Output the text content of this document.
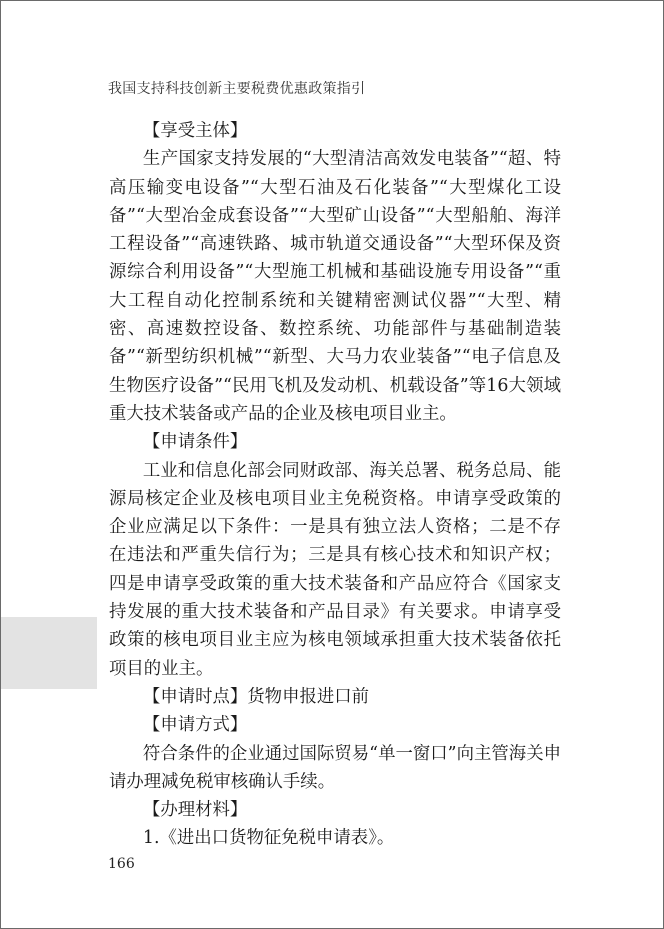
我国支持科技创新主要税费优惠政策指引

【享受主体】

生产国家支持发展的“大型清洁高效发电装备”“超、特高压输变电设备”“大型石油及石化装备”“大型煤化工设备”“大型冶金成套设备”“大型矿山设备”“大型船舶、海洋工程设备”“高速铁路、城市轨道交通设备”“大型环保及资源综合利用设备”“大型施工机械和基础设施专用设备”“重大工程自动化控制系统和关键精密测试仪器”“大型、精密、高速数控设备、数控系统、功能部件与基础制造装备”“新型纺织机械”“新型、大马力农业装备”“电子信息及生物医疗设备”“民用飞机及发动机、机载设备”等16大领域重大技术装备或产品的企业及核电项目业主。

【申请条件】

工业和信息化部会同财政部、海关总署、税务总局、能源局核定企业及核电项目业主免税资格。申请享受政策的企业应满足以下条件：一是具有独立法人资格；二是不存在违法和严重失信行为；三是具有核心技术和知识产权；四是申请享受政策的重大技术装备和产品应符合《国家支持发展的重大技术装备和产品目录》有关要求。申请享受政策的核电项目业主应为核电领域承担重大技术装备依托项目的业主。

【申请时点】货物申报进口前

【申请方式】

符合条件的企业通过国际贸易“单一窗口”向主管海关申请办理减免税审核确认手续。

【办理材料】

1.《进出口货物征免税申请表》。

166
